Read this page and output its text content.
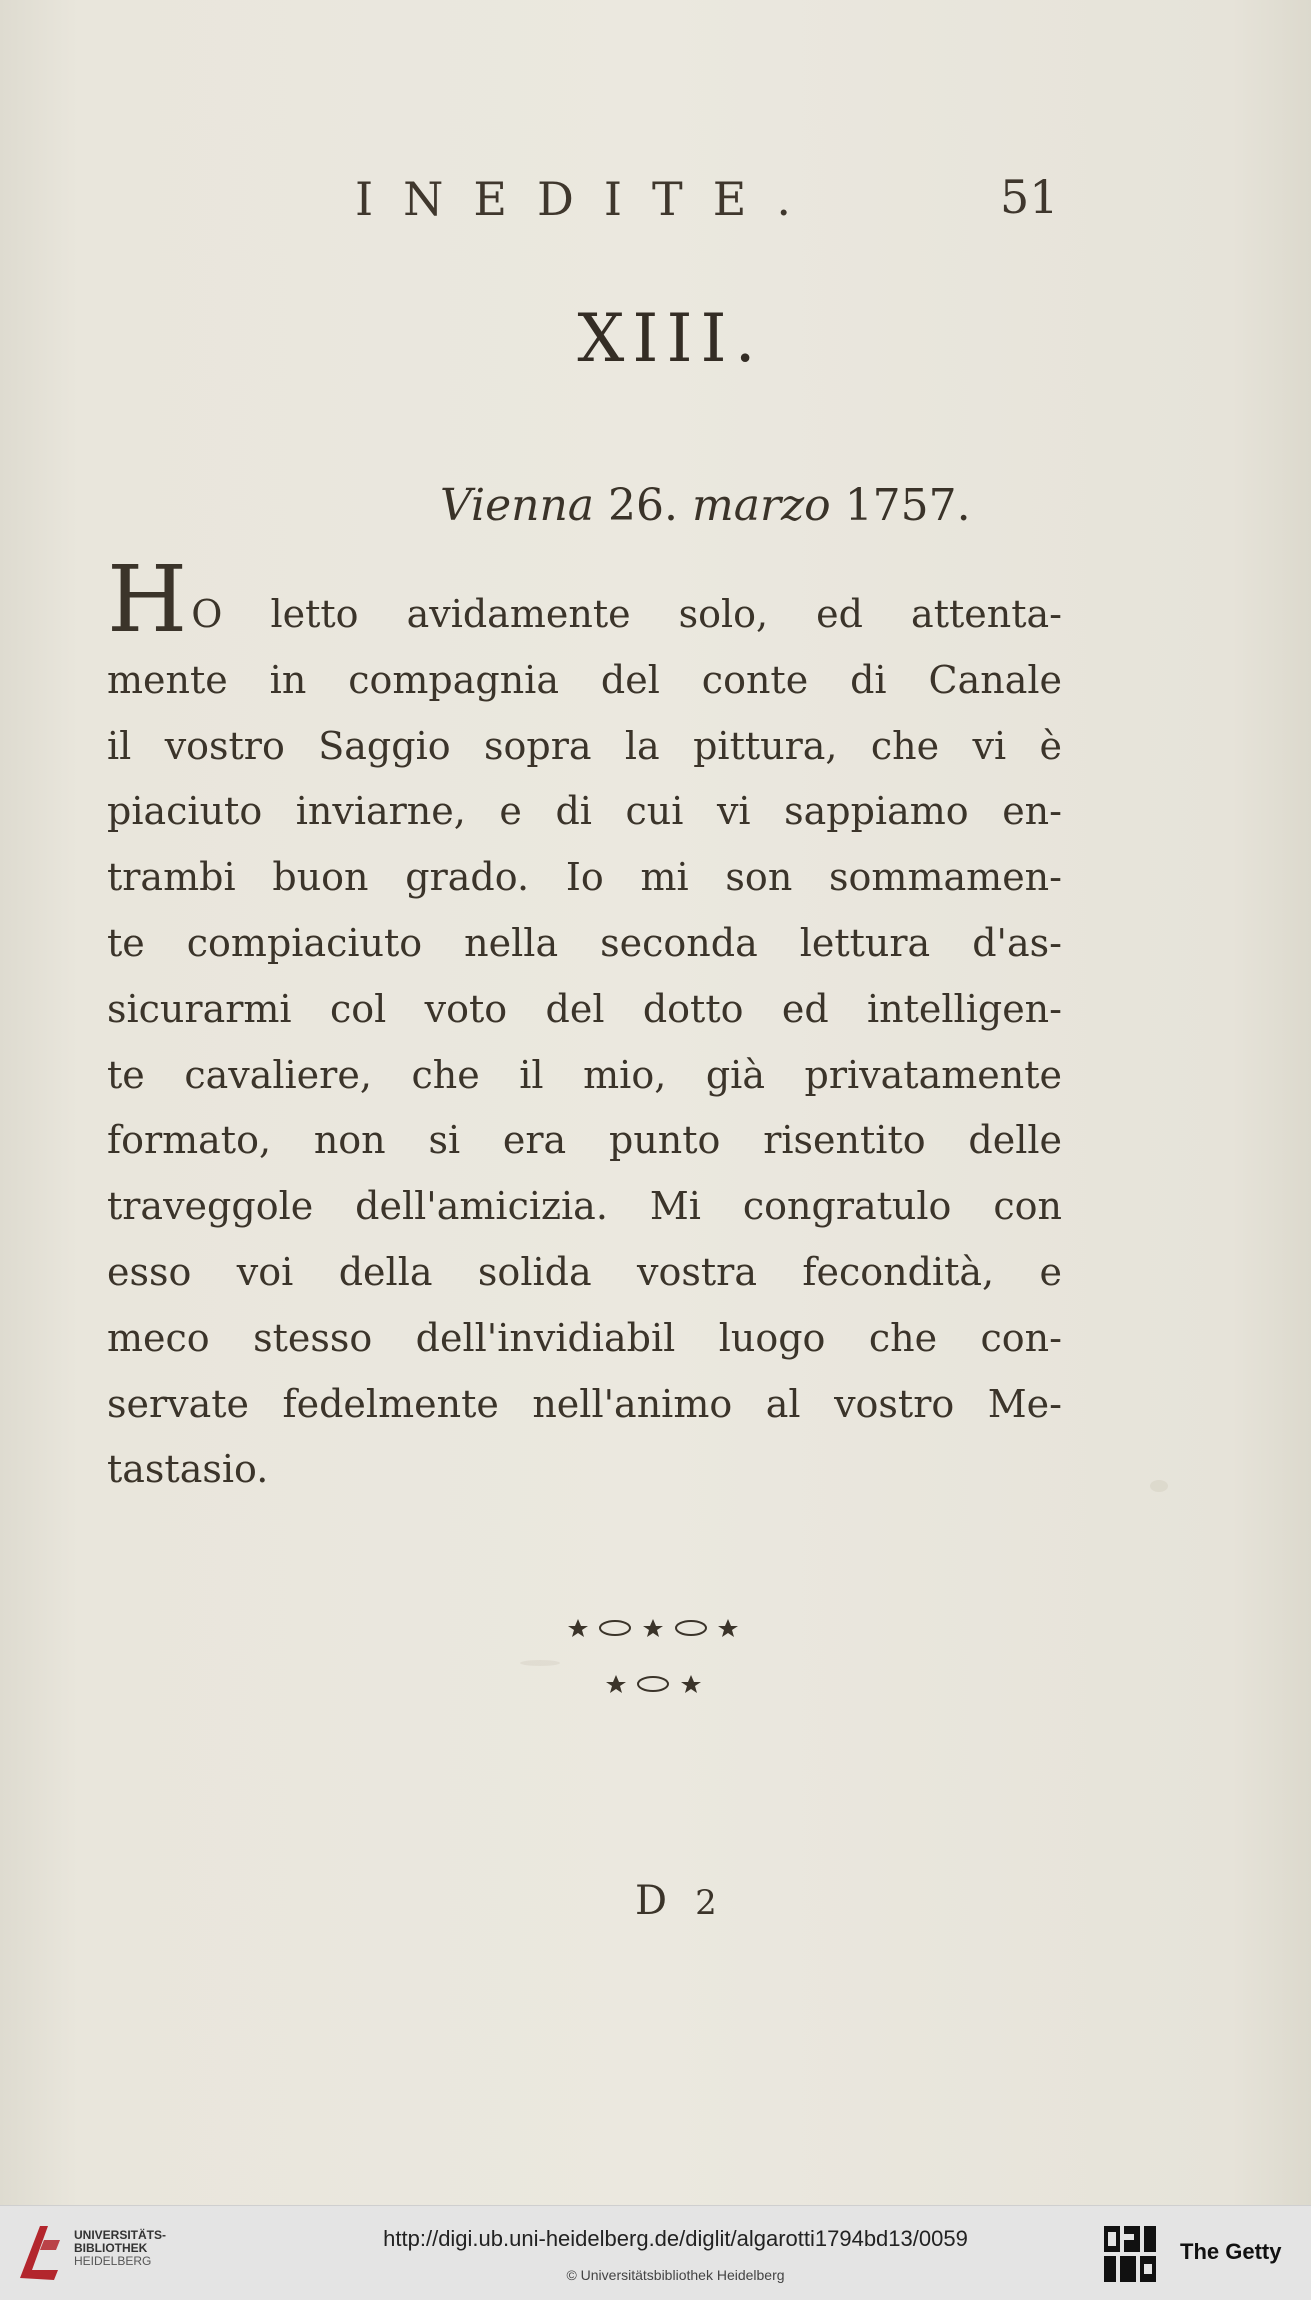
INEDITE.	51
XIII.
Vienna 26. marzo 1757.
H O letto avidamente solo, ed attenta-
mente in compagnia del conte di Canale
il vostro Saggio sopra la pittura, che vi è
piaciuto inviarne, e di cui vi sappiamo en-
trambi buon grado. Io mi son sommamen-
te compiaciuto nella seconda lettura d'as-
sicurarmi col voto del dotto ed intelligen-
te cavaliere, che il mio, già privatamente
formato, non si era punto risentito delle
traveggole dell'amicizia. Mi congratulo con
esso voi della solida vostra fecondità, e
meco stesso dell'invidiabil luogo che con-
servate fedelmente nell'animo al vostro Me-
tastasio.
D 2
UNIVERSITÄTS-
BIBLIOTHEK
HEIDELBERG
http://digi.ub.uni-heidelberg.de/diglit/algarotti1794bd13/0059
© Universitätsbibliothek Heidelberg
The Getty
